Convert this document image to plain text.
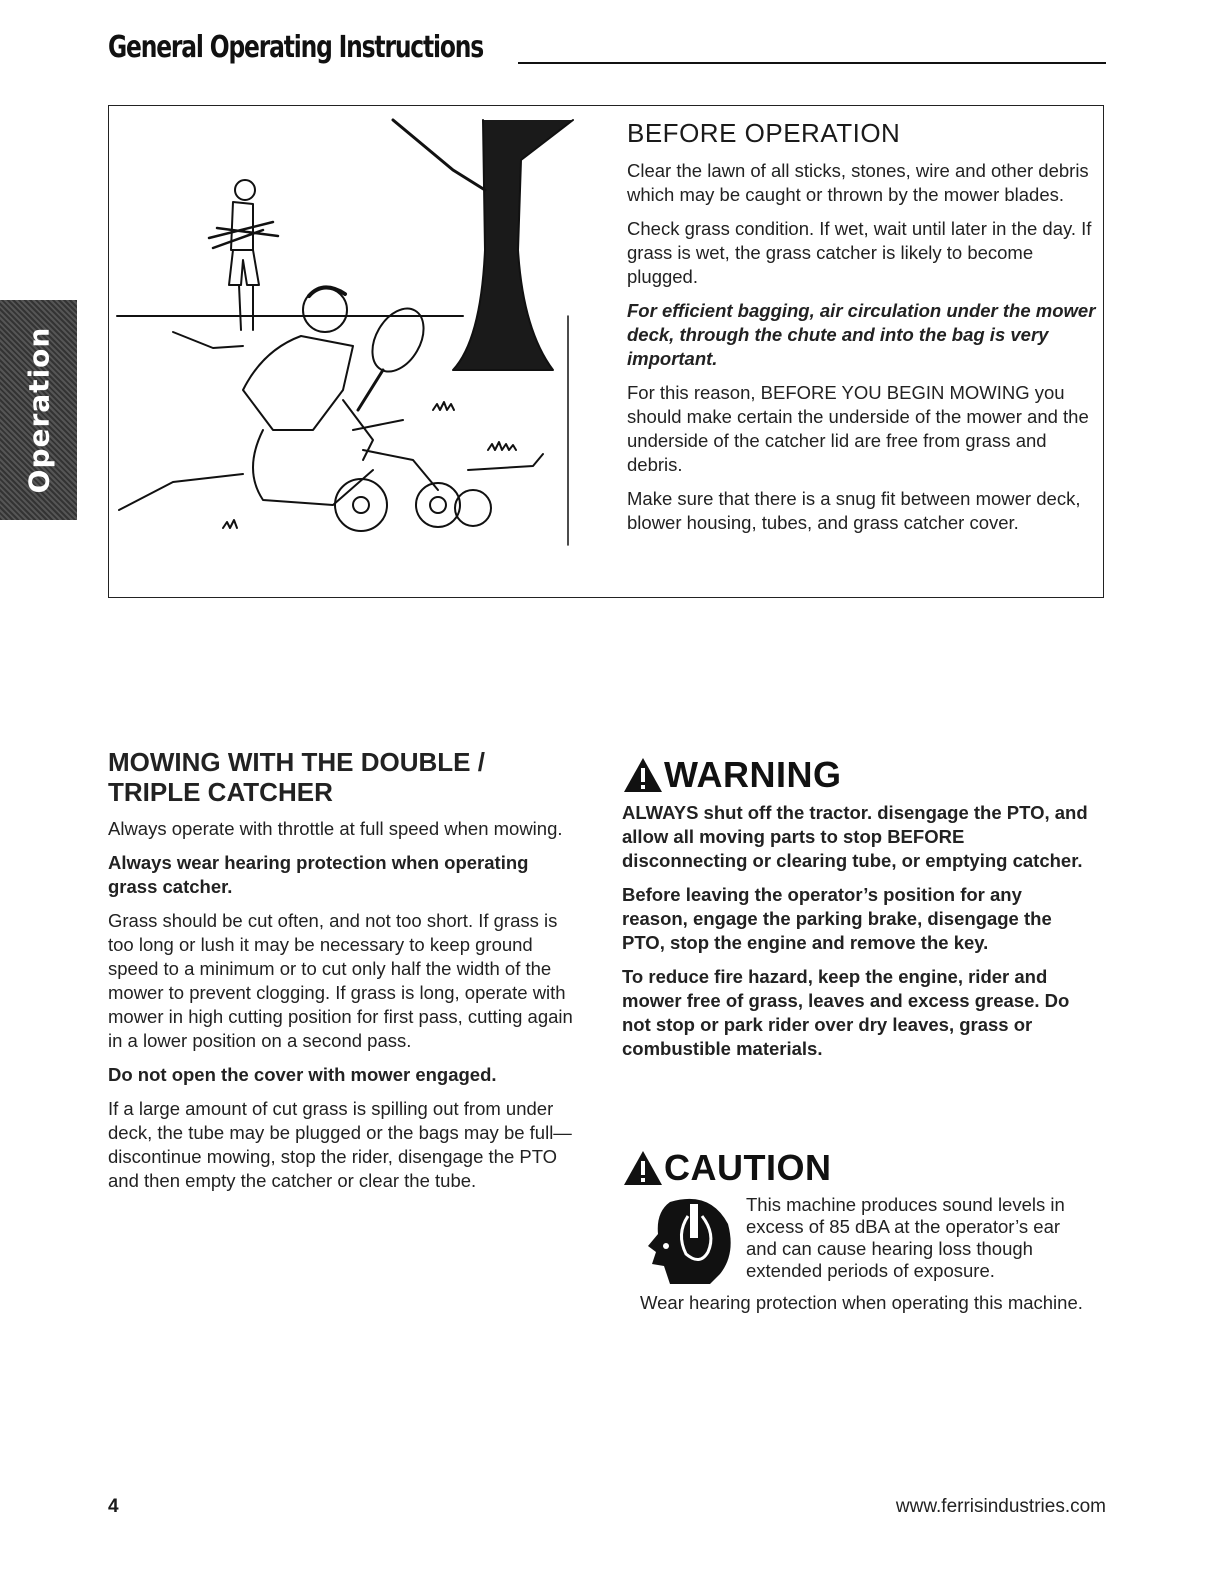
General Operating Instructions
Operation
BEFORE OPERATION

Clear the lawn of all sticks, stones, wire and other debris which may be caught or thrown by the mower blades.

Check grass condition. If wet, wait until later in the day. If grass is wet, the grass catcher is likely to become plugged.

For efficient bagging, air circulation under the mower deck, through the chute and into the bag is very important.

For this reason, BEFORE YOU BEGIN MOWING you should make certain the underside of the mower and the underside of the catcher lid are free from grass and debris.

Make sure that there is a snug fit between mower deck, blower housing, tubes, and grass catcher cover.

MOWING WITH THE DOUBLE / TRIPLE CATCHER

Always operate with throttle at full speed when mowing.

Always wear hearing protection when operating grass catcher.

Grass should be cut often, and not too short. If grass is too long or lush it may be necessary to keep ground speed to a minimum or to cut only half the width of the mower to prevent clogging. If grass is long, operate with mower in high cutting position for first pass, cutting again in a lower position on a second pass.

Do not open the cover with mower engaged.

If a large amount of cut grass is spilling out from under deck, the tube may be plugged or the bags may be full— discontinue mowing, stop the rider, disengage the PTO and then empty the catcher or clear the tube.

WARNING

ALWAYS shut off the tractor. disengage the PTO, and allow all moving parts to stop BEFORE disconnecting or clearing tube, or emptying catcher.

Before leaving the operator’s position for any reason, engage the parking brake, disengage the PTO, stop the engine and remove the key.

To reduce fire hazard, keep the engine, rider and mower free of grass, leaves and excess grease. Do not stop or park rider over dry leaves, grass or combustible materials.

CAUTION
This machine produces sound levels in excess of 85 dBA at the operator’s ear and can cause hearing loss though extended periods of exposure.
Wear hearing protection when operating this machine.
4	www.ferrisindustries.com
